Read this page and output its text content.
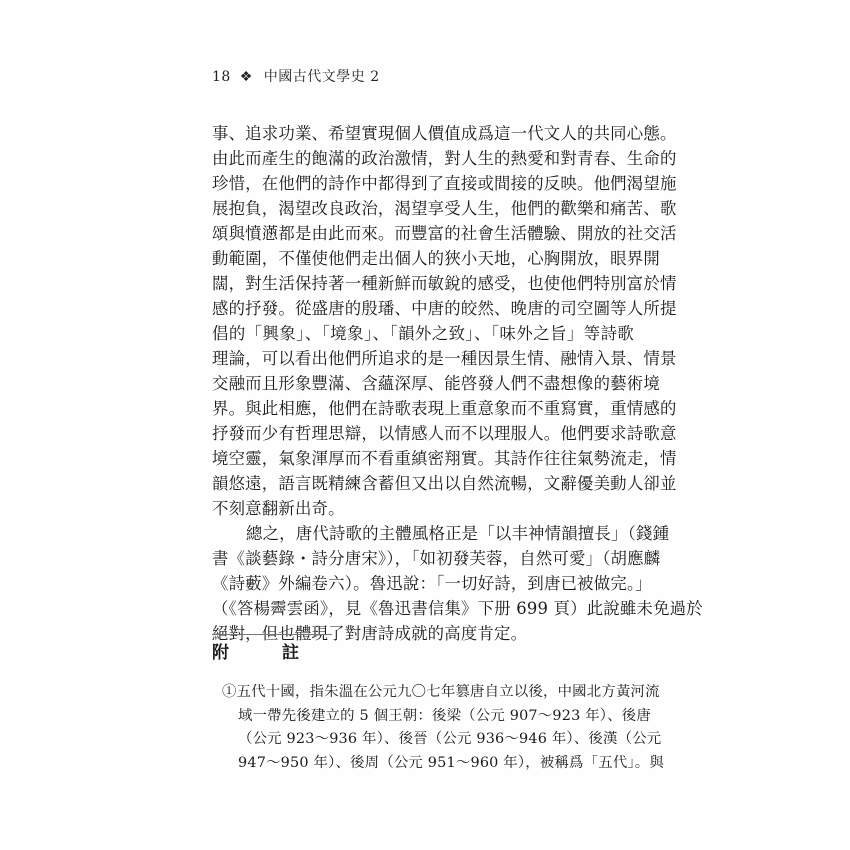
18 ❖ 中國古代文學史 2
事、追求功業、希望實現個人價值成爲這一代文人的共同心態。
由此而產生的飽滿的政治激情，對人生的熱愛和對青春、生命的
珍惜，在他們的詩作中都得到了直接或間接的反映。他們渴望施
展抱負，渴望改良政治，渴望享受人生，他們的歡樂和痛苦、歌
頌與憤懣都是由此而來。而豐富的社會生活體驗、開放的社交活
動範圍，不僅使他們走出個人的狹小天地，心胸開放，眼界開
闊，對生活保持著一種新鮮而敏銳的感受，也使他們特別富於情
感的抒發。從盛唐的殷璠、中唐的皎然、晚唐的司空圖等人所提
倡的「興象」、「境象」、「韻外之致」、「味外之旨」等詩歌
理論，可以看出他們所追求的是一種因景生情、融情入景、情景
交融而且形象豐滿、含蘊深厚、能啓發人們不盡想像的藝術境
界。與此相應，他們在詩歌表現上重意象而不重寫實，重情感的
抒發而少有哲理思辯，以情感人而不以理服人。他們要求詩歌意
境空靈，氣象渾厚而不看重縝密翔實。其詩作往往氣勢流走，情
韻悠遠，語言既精練含蓄但又出以自然流暢，文辭優美動人卻並
不刻意翻新出奇。
總之，唐代詩歌的主體風格正是「以丰神情韻擅長」（錢鍾
書《談藝錄・詩分唐宋》），「如初發芙蓉，自然可愛」（胡應麟
《詩藪》外編卷六）。魯迅說：「一切好詩，到唐已被做完。」
（《答楊霽雲函》，見《魯迅書信集》下册 699 頁）此說雖未免過於
絕對，但也體現了對唐詩成就的高度肯定。
附　註
①五代十國，指朱溫在公元九〇七年篡唐自立以後，中國北方黃河流
域一帶先後建立的 5 個王朝：後梁（公元 907～923 年）、後唐
（公元 923～936 年）、後晉（公元 936～946 年）、後漢（公元
947～950 年）、後周（公元 951～960 年），被稱爲「五代」。與
